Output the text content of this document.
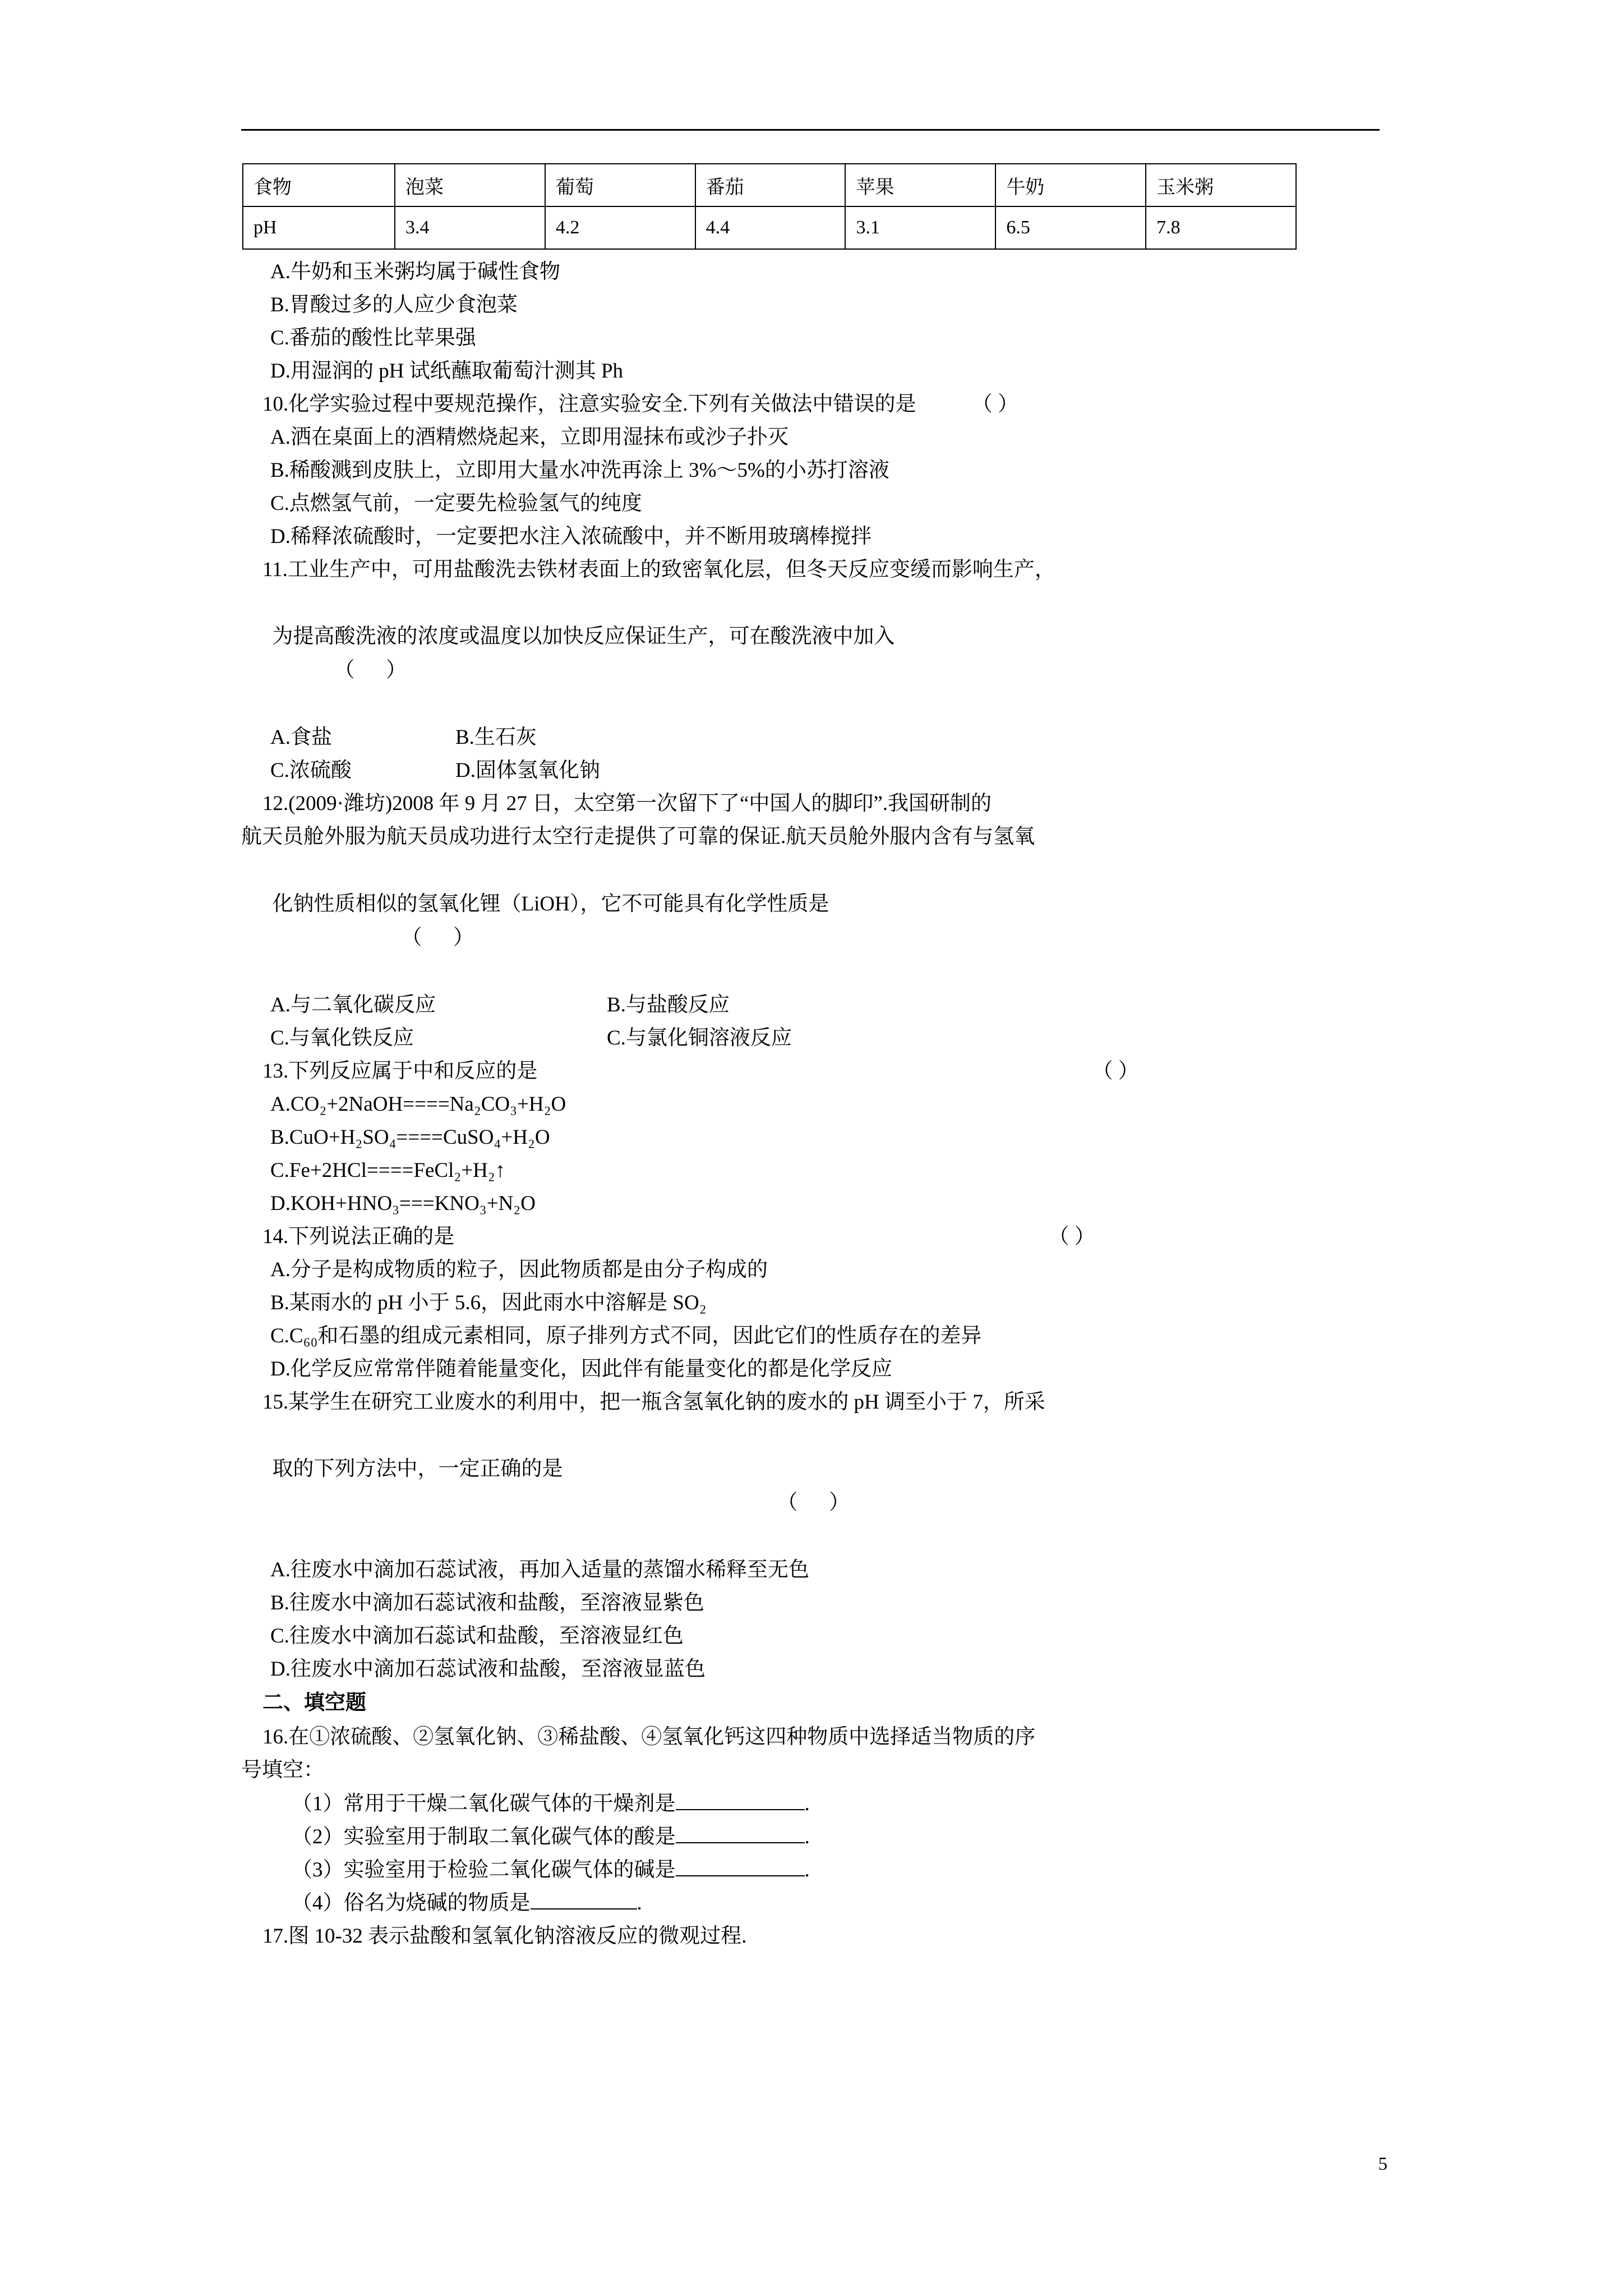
食物	泡菜	葡萄	番茄	苹果	牛奶	玉米粥
pH	3.4	4.2	4.4	3.1	6.5	7.8

A.牛奶和玉米粥均属于碱性食物

B.胃酸过多的人应少食泡菜

C.番茄的酸性比苹果强

D.用湿润的 pH 试纸蘸取葡萄汁测其 Ph

10.化学实验过程中要规范操作，注意实验安全.下列有关做法中错误的是	（ ）

A.洒在桌面上的酒精燃烧起来，立即用湿抹布或沙子扑灭

B.稀酸溅到皮肤上，立即用大量水冲洗再涂上 3%～5%的小苏打溶液

C.点燃氢气前，一定要先检验氢气的纯度

D.稀释浓硫酸时，一定要把水注入浓硫酸中，并不断用玻璃棒搅拌

11.工业生产中，可用盐酸洗去铁材表面上的致密氧化层，但冬天反应变缓而影响生产，

为提高酸洗液的浓度或温度以加快反应保证生产，可在酸洗液中加入
（      ）

A.食盐	B.生石灰
C.浓硫酸	D.固体氢氧化钠

12.(2009·潍坊)2008 年 9 月 27 日，太空第一次留下了“中国人的脚印”.我国研制的

航天员舱外服为航天员成功进行太空行走提供了可靠的保证.航天员舱外服内含有与氢氧

化钠性质相似的氢氧化锂（LiOH），它不可能具有化学性质是
（      ）

A.与二氧化碳反应	B.与盐酸反应
C.与氧化铁反应	C.与氯化铜溶液反应

13.下列反应属于中和反应的是	（ ）

A.CO₂+2NaOH====Na₂CO₃+H₂O

B.CuO+H₂SO₄====CuSO₄+H₂O

C.Fe+2HCl====FeCl₂+H₂↑

D.KOH+HNO₃===KNO₃+N₂O

14.下列说法正确的是	（ ）

A.分子是构成物质的粒子，因此物质都是由分子构成的

B.某雨水的 pH 小于 5.6，因此雨水中溶解是 SO₂

C.C₆₀和石墨的组成元素相同，原子排列方式不同，因此它们的性质存在的差异

D.化学反应常常伴随着能量变化，因此伴有能量变化的都是化学反应

15.某学生在研究工业废水的利用中，把一瓶含氢氧化钠的废水的 pH 调至小于 7，所采

取的下列方法中，一定正确的是
（      ）

A.往废水中滴加石蕊试液，再加入适量的蒸馏水稀释至无色

B.往废水中滴加石蕊试液和盐酸，至溶液显紫色

C.往废水中滴加石蕊试和盐酸，至溶液显红色

D.往废水中滴加石蕊试液和盐酸，至溶液显蓝色

二、填空题

16.在①浓硫酸、②氢氧化钠、③稀盐酸、④氢氧化钙这四种物质中选择适当物质的序

号填空：

（1）常用于干燥二氧化碳气体的干燥剂是	.

（2）实验室用于制取二氧化碳气体的酸是	.

（3）实验室用于检验二氧化碳气体的碱是	.

（4）俗名为烧碱的物质是	.

17.图 10-32 表示盐酸和氢氧化钠溶液反应的微观过程.

5
